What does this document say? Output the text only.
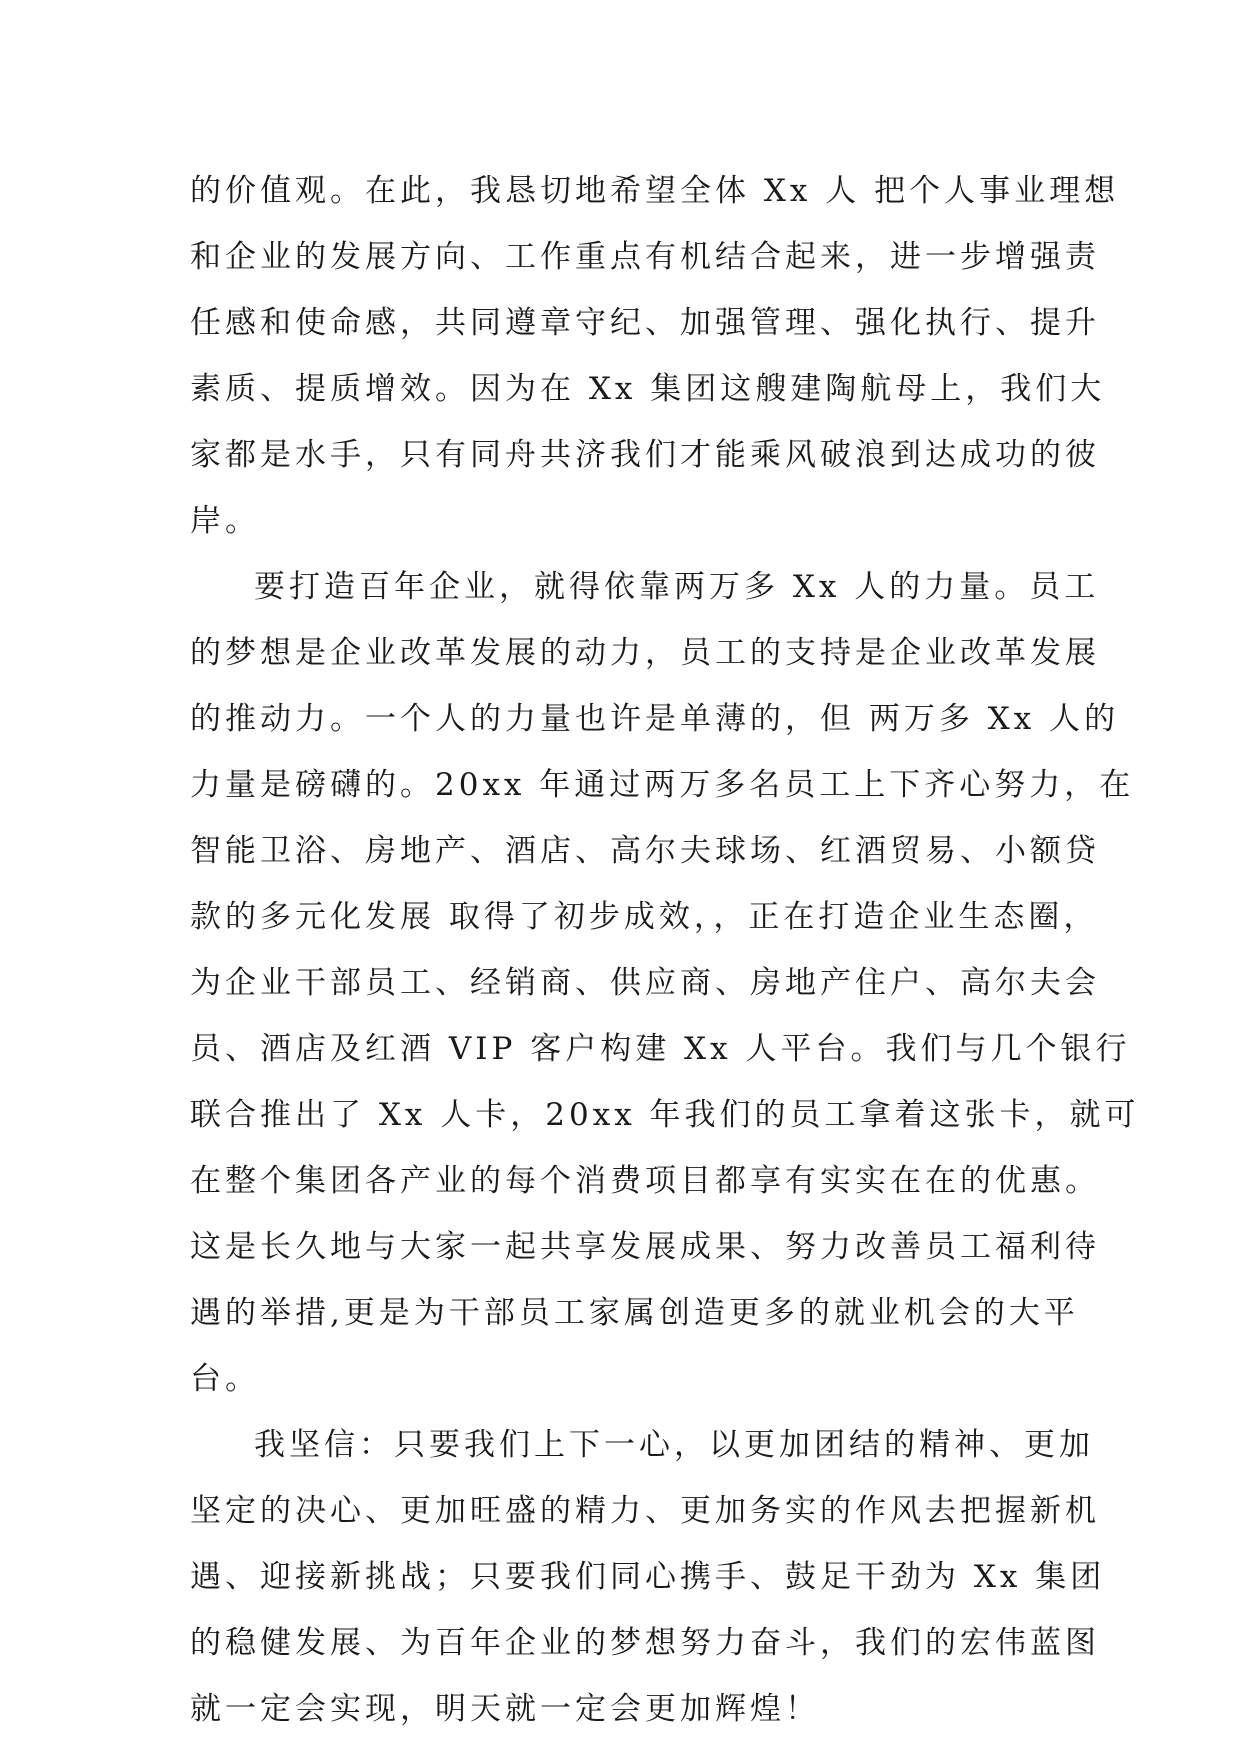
的价值观。在此，我恳切地希望全体 Xx 人 把个人事业理想
和企业的发展方向、工作重点有机结合起来，进一步增强责
任感和使命感，共同遵章守纪、加强管理、强化执行、提升
素质、提质增效。因为在 Xx 集团这艘建陶航母上，我们大
家都是水手，只有同舟共济我们才能乘风破浪到达成功的彼
岸。
要打造百年企业，就得依靠两万多 Xx 人的力量。员工
的梦想是企业改革发展的动力，员工的支持是企业改革发展
的推动力。一个人的力量也许是单薄的，但 两万多 Xx 人的
力量是磅礴的。20xx 年通过两万多名员工上下齐心努力，在
智能卫浴、房地产、酒店、高尔夫球场、红酒贸易、小额贷
款的多元化发展 取得了初步成效，，正在打造企业生态圈，
为企业干部员工、经销商、供应商、房地产住户、高尔夫会
员、酒店及红酒 VIP 客户构建 Xx 人平台。我们与几个银行
联合推出了 Xx 人卡，20xx 年我们的员工拿着这张卡，就可
在整个集团各产业的每个消费项目都享有实实在在的优惠。
这是长久地与大家一起共享发展成果、努力改善员工福利待
遇的举措,更是为干部员工家属创造更多的就业机会的大平
台。
我坚信：只要我们上下一心，以更加团结的精神、更加
坚定的决心、更加旺盛的精力、更加务实的作风去把握新机
遇、迎接新挑战；只要我们同心携手、鼓足干劲为 Xx 集团
的稳健发展、为百年企业的梦想努力奋斗，我们的宏伟蓝图
就一定会实现，明天就一定会更加辉煌！
